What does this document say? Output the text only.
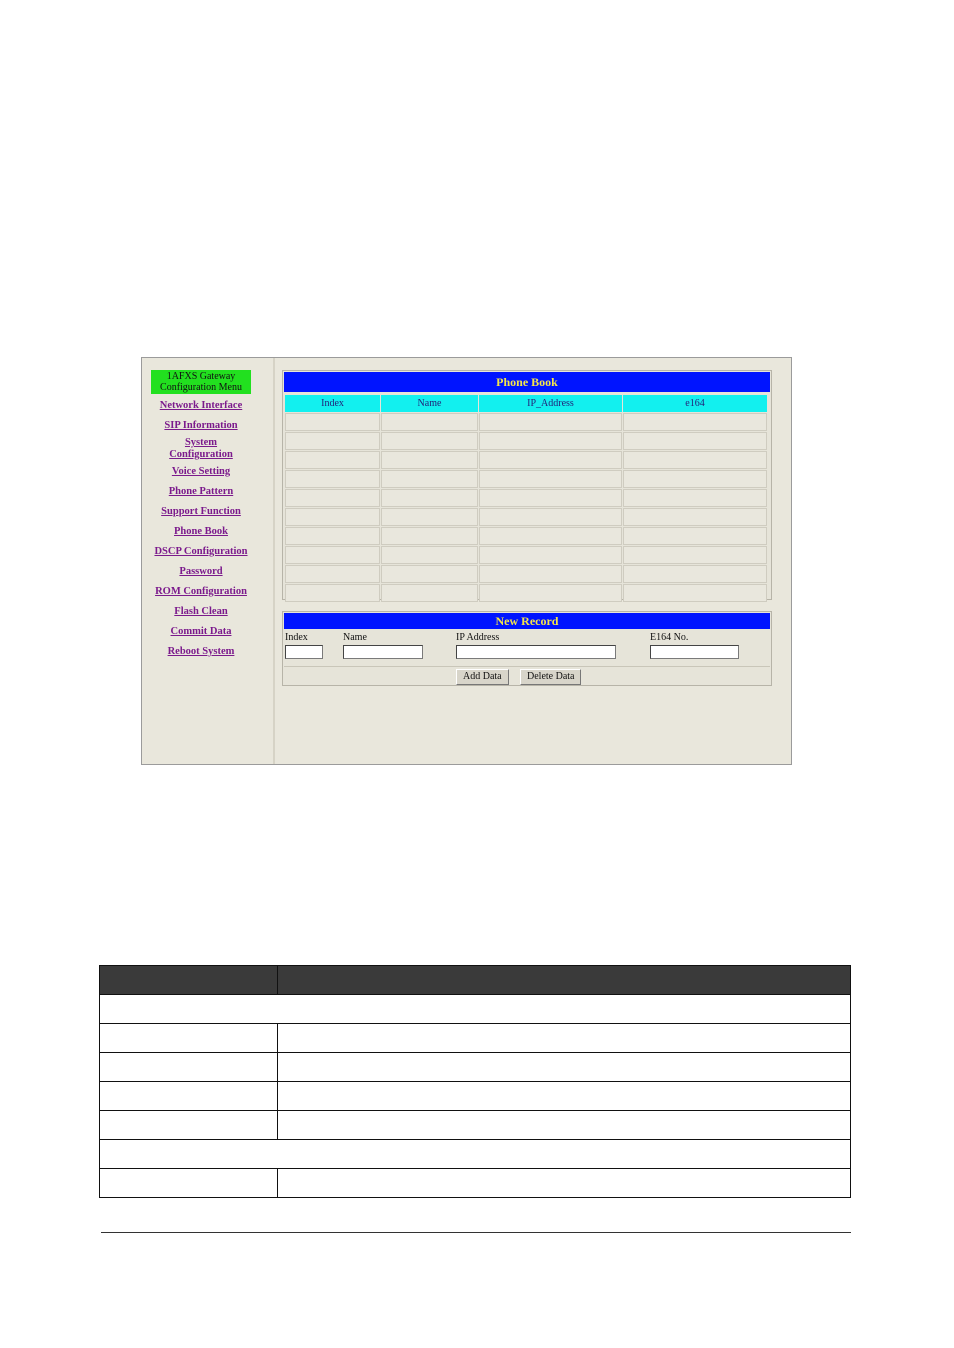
1AFXS Gateway
Configuration Menu
Network Interface
SIP Information
System
Configuration
Voice Setting
Phone Pattern
Support Function
Phone Book
DSCP Configuration
Password
ROM Configuration
Flash Clean
Commit Data
Reboot System
Phone Book
Index	Name	IP_Address	e164

New Record
Index	Name	IP Address	E164 No.
Add Data	Delete Data
